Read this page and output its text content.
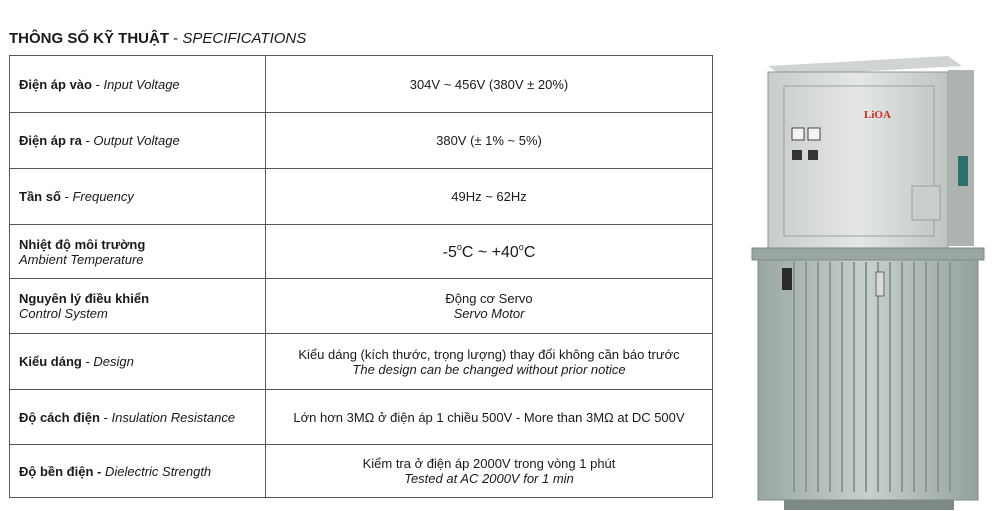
THÔNG SỐ KỸ THUẬT - SPECIFICATIONS
Điện áp vào - Input Voltage	304V ~ 456V (380V ± 20%)
Điện áp ra - Output Voltage	380V (± 1% ~ 5%)
Tần số - Frequency	49Hz ~ 62Hz

Nhiệt độ môi trường
Ambient Temperature	-5$^o$C ~ $+40^oC$

Nguyên lý điều khiển
Control System	Động cơ Servo
Servo Motor

Kiểu dáng - Design	Kiểu dáng (kích thước, trọng lượng) thay đổi không cần báo trước
The design can be changed without prior notice

Độ cách điện - Insulation Resistance	Lớn hơn 3MΩ ở điện áp 1 chiều 500V - More than 3MΩ at DC 500V
Độ bền điện - Dielectric Strength	Kiểm tra ở điện áp 2000V trong vòng 1 phút
Tested at AC 2000V for 1 min
LiOA
